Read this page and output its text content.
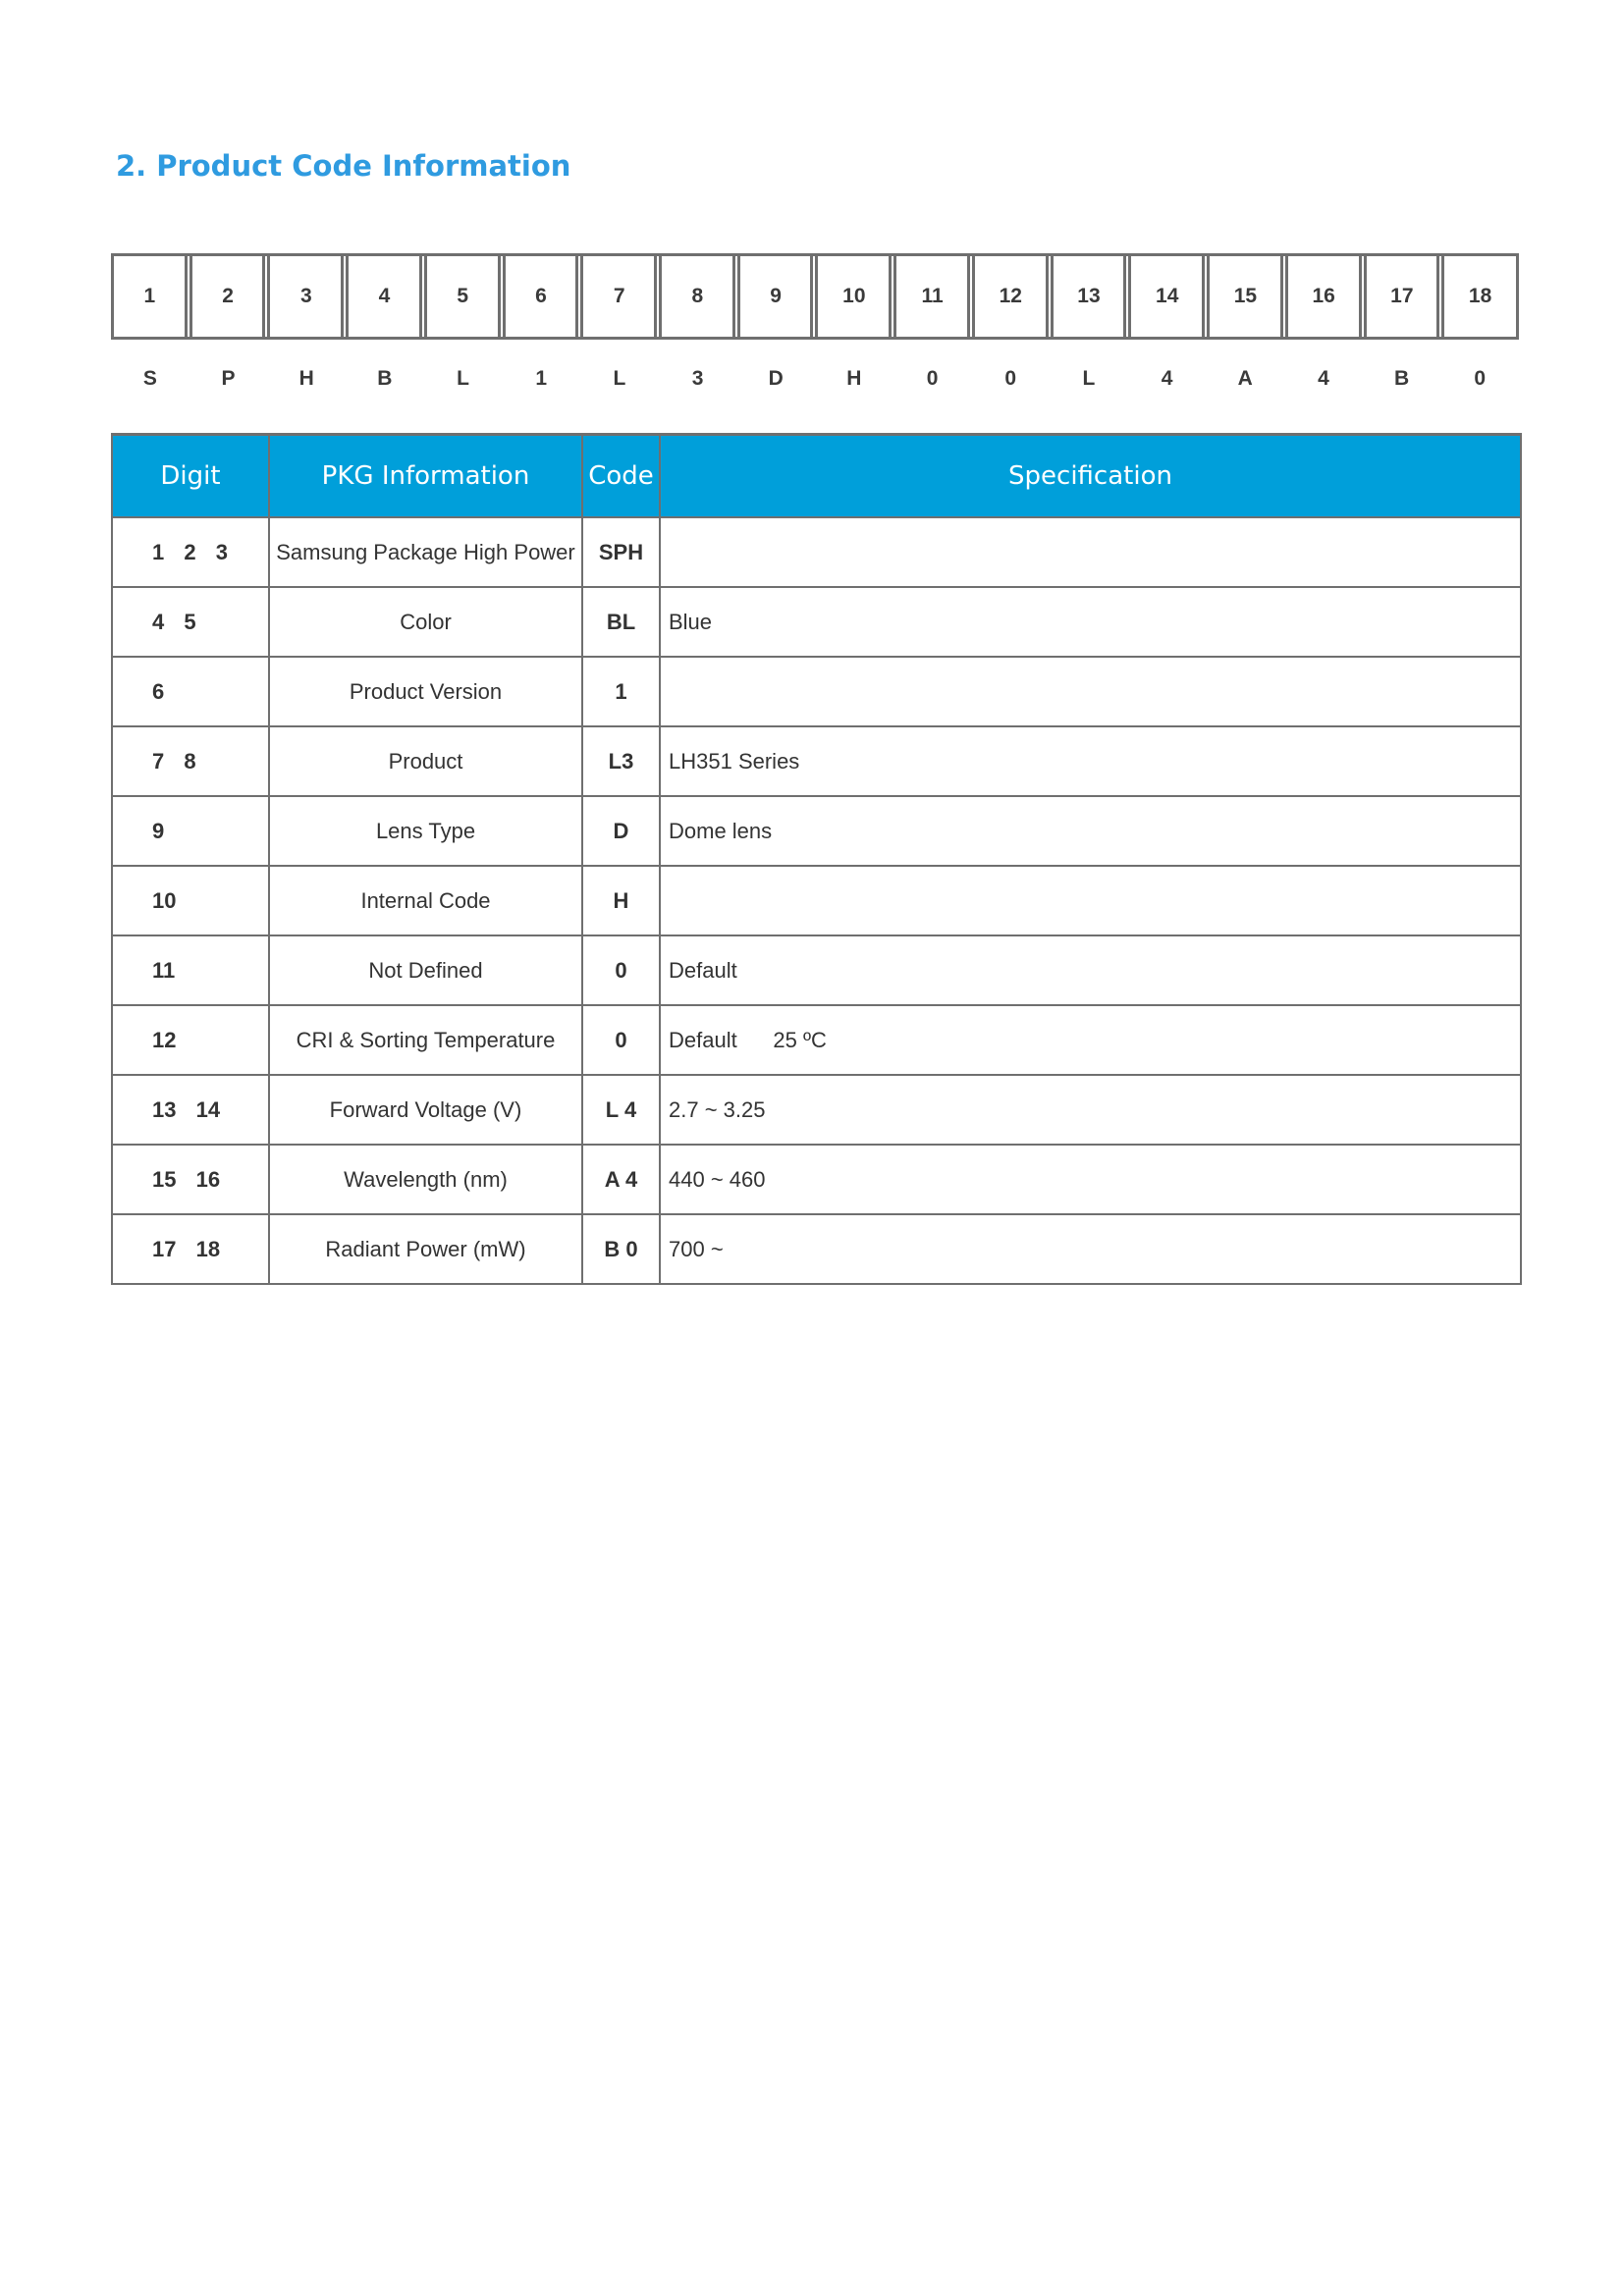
2. Product Code Information
1	2	3	4	5	6	7	8	9	10	11	12	13	14	15	16	17	18
S	P	H	B	L	1	L	3	D	H	0	0	L	4	A	4	B	0
Digit	PKG Information	Code	Specification
1 2 3	Samsung Package High Power	SPH	
4 5	Color	BL	Blue
6	Product Version	1	
7 8	Product	L3	LH351 Series
9	Lens Type	D	Dome lens
10	Internal Code	H	
11	Not Defined	0	Default
12	CRI & Sorting Temperature	0	Default      25 ºC
13 14	Forward Voltage (V)	L 4	2.7 ~ 3.25
15 16	Wavelength (nm)	A 4	440 ~ 460
17 18	Radiant Power (mW)	B 0	700 ~
